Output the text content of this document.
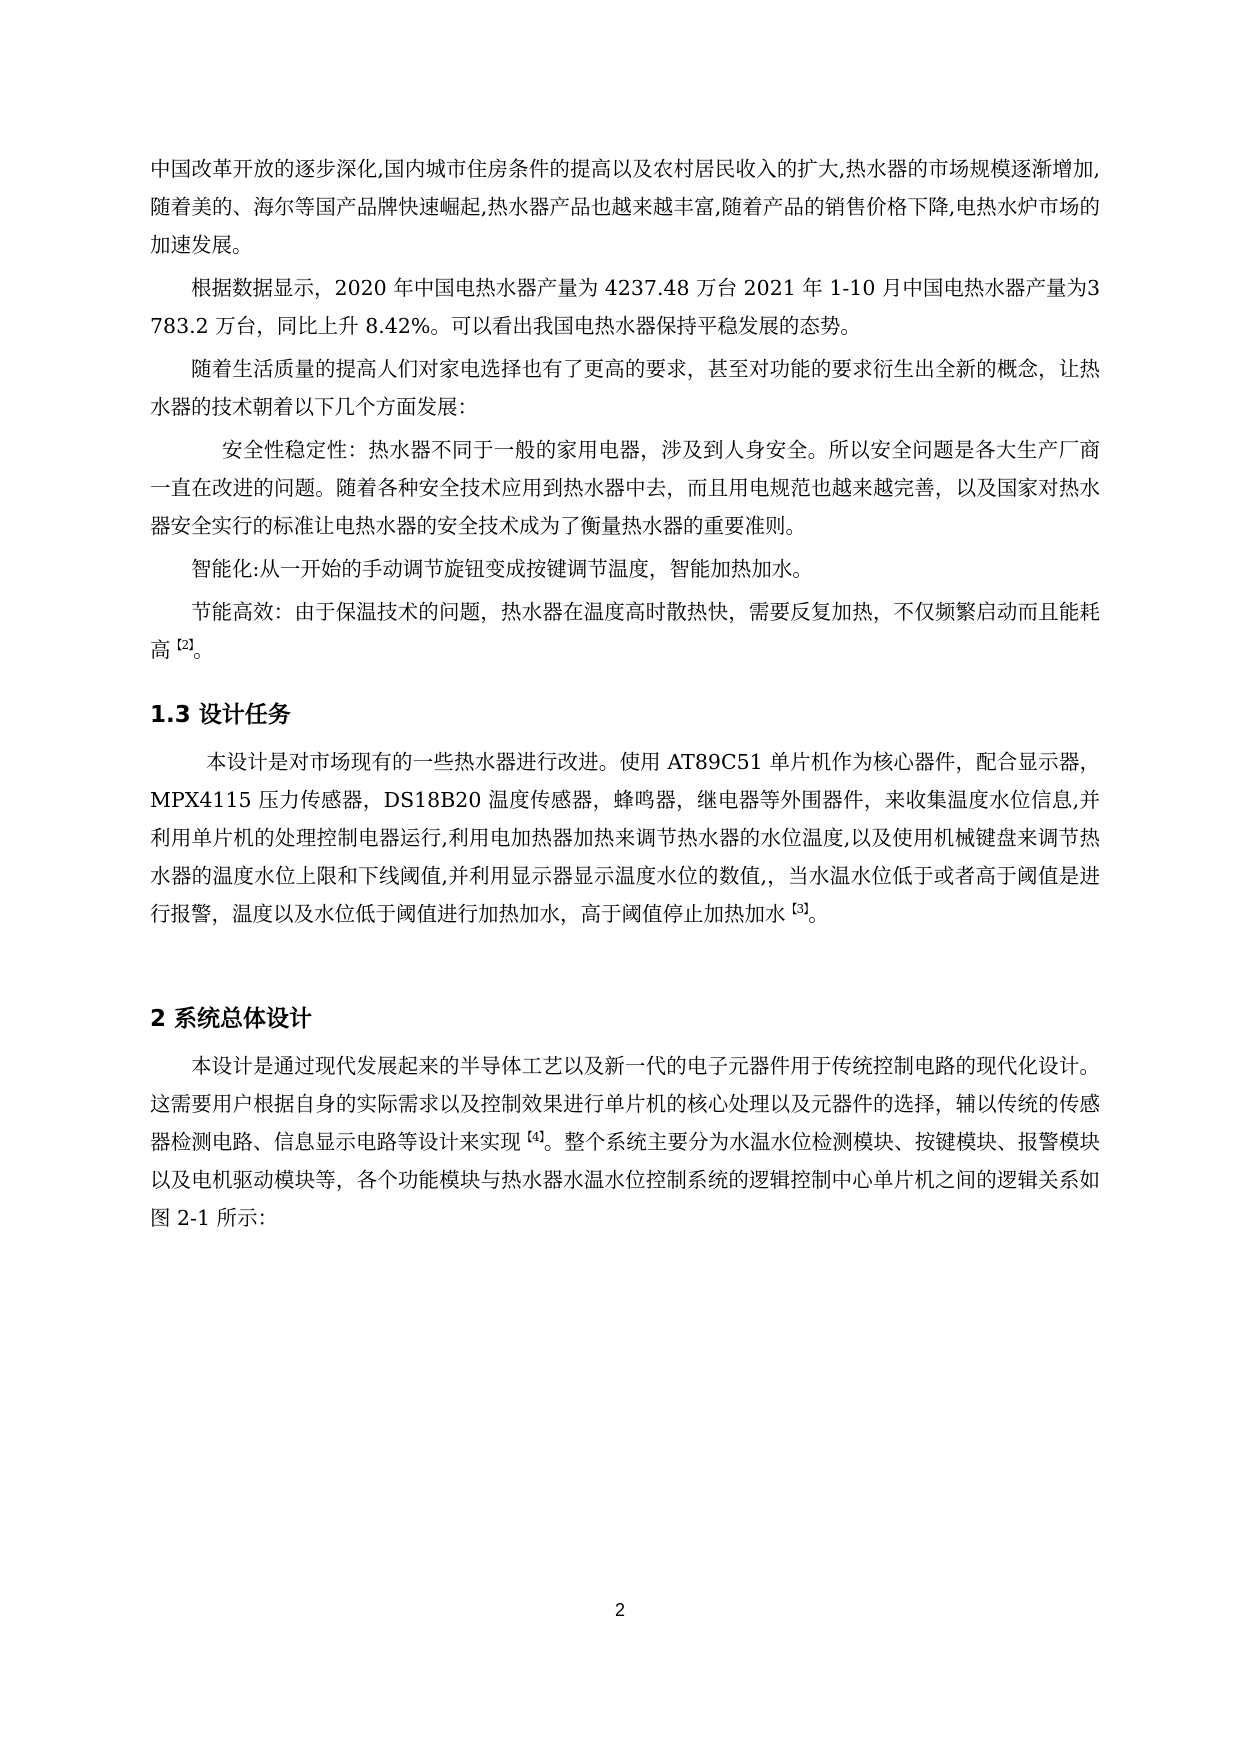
中国改革开放的逐步深化,国内城市住房条件的提高以及农村居民收入的扩大,热水器的市场规模逐渐增加,随着美的、海尔等国产品牌快速崛起,热水器产品也越来越丰富,随着产品的销售价格下降,电热水炉市场的加速发展。

根据数据显示，2020 年中国电热水器产量为 4237.48 万台 2021 年 1-10 月中国电热水器产量为3783.2 万台，同比上升 8.42%。可以看出我国电热水器保持平稳发展的态势。

随着生活质量的提高人们对家电选择也有了更高的要求，甚至对功能的要求衍生出全新的概念，让热水器的技术朝着以下几个方面发展：

安全性稳定性：热水器不同于一般的家用电器，涉及到人身安全。所以安全问题是各大生产厂商一直在改进的问题。随着各种安全技术应用到热水器中去，而且用电规范也越来越完善，以及国家对热水器安全实行的标准让电热水器的安全技术成为了衡量热水器的重要准则。

智能化:从一开始的手动调节旋钮变成按键调节温度，智能加热加水。

节能高效：由于保温技术的问题，热水器在温度高时散热快，需要反复加热，不仅频繁启动而且能耗高$^{【2】}$。

1.3 设计任务

本设计是对市场现有的一些热水器进行改进。使用 AT89C51 单片机作为核心器件，配合显示器，MPX4115 压力传感器，DS18B20 温度传感器，蜂鸣器，继电器等外围器件，来收集温度水位信息,并利用单片机的处理控制电器运行,利用电加热器加热来调节热水器的水位温度,以及使用机械键盘来调节热水器的温度水位上限和下线阈值,并利用显示器显示温度水位的数值,，当水温水位低于或者高于阈值是进行报警，温度以及水位低于阈值进行加热加水，高于阈值停止加热加水$^{【3】}$。

2 系统总体设计

本设计是通过现代发展起来的半导体工艺以及新一代的电子元器件用于传统控制电路的现代化设计。这需要用户根据自身的实际需求以及控制效果进行单片机的核心处理以及元器件的选择，辅以传统的传感器检测电路、信息显示电路等设计来实现$^{【4】}$。整个系统主要分为水温水位检测模块、按键模块、报警模块以及电机驱动模块等，各个功能模块与热水器水温水位控制系统的逻辑控制中心单片机之间的逻辑关系如图 2-1 所示：

2
